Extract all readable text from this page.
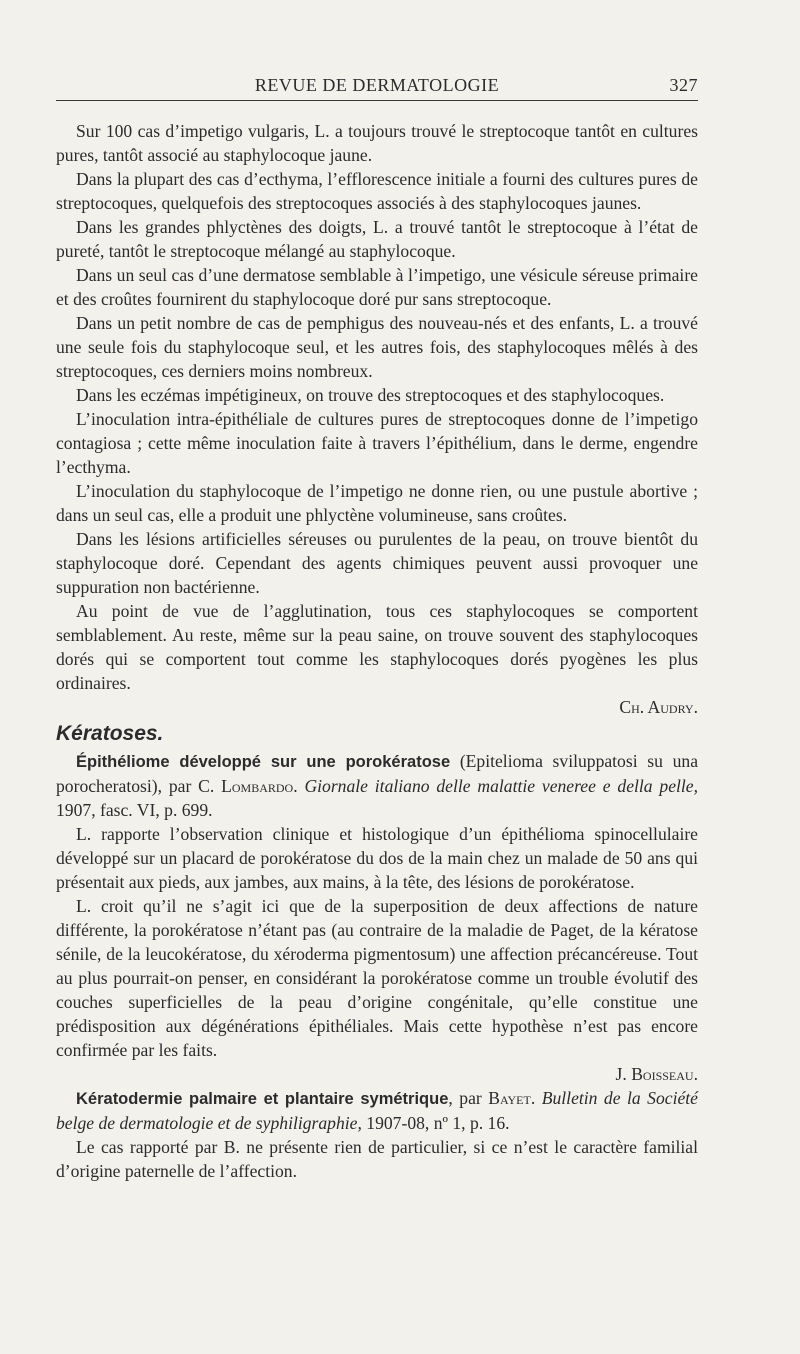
REVUE DE DERMATOLOGIE	327

Sur 100 cas d’impetigo vulgaris, L. a toujours trouvé le streptocoque tantôt en cultures pures, tantôt associé au staphylocoque jaune.

Dans la plupart des cas d’ecthyma, l’efflorescence initiale a fourni des cultures pures de streptocoques, quelquefois des streptocoques associés à des staphylocoques jaunes.

Dans les grandes phlyctènes des doigts, L. a trouvé tantôt le streptocoque à l’état de pureté, tantôt le streptocoque mélangé au staphylocoque.

Dans un seul cas d’une dermatose semblable à l’impetigo, une vésicule séreuse primaire et des croûtes fournirent du staphylocoque doré pur sans streptocoque.

Dans un petit nombre de cas de pemphigus des nouveau-nés et des enfants, L. a trouvé une seule fois du staphylocoque seul, et les autres fois, des staphylocoques mêlés à des streptocoques, ces derniers moins nombreux.

Dans les eczémas impétigineux, on trouve des streptocoques et des staphylocoques.

L’inoculation intra-épithéliale de cultures pures de streptocoques donne de l’impetigo contagiosa ; cette même inoculation faite à travers l’épithélium, dans le derme, engendre l’ecthyma.

L’inoculation du staphylocoque de l’impetigo ne donne rien, ou une pustule abortive ; dans un seul cas, elle a produit une phlyctène volumineuse, sans croûtes.

Dans les lésions artificielles séreuses ou purulentes de la peau, on trouve bientôt du staphylocoque doré. Cependant des agents chimiques peuvent aussi provoquer une suppuration non bactérienne.

Au point de vue de l’agglutination, tous ces staphylocoques se comportent semblablement. Au reste, même sur la peau saine, on trouve souvent des staphylocoques dorés qui se comportent tout comme les staphylocoques dorés pyogènes les plus ordinaires.

Ch. Audry.
Kératoses.

Épithéliome développé sur une porokératose (Epitelioma sviluppatosi su una porocheratosi), par C. Lombardo. Giornale italiano delle malattie veneree e della pelle, 1907, fasc. VI, p. 699.

L. rapporte l’observation clinique et histologique d’un épithélioma spinocellulaire développé sur un placard de porokératose du dos de la main chez un malade de 50 ans qui présentait aux pieds, aux jambes, aux mains, à la tête, des lésions de porokératose.

L. croit qu’il ne s’agit ici que de la superposition de deux affections de nature différente, la porokératose n’étant pas (au contraire de la maladie de Paget, de la kératose sénile, de la leucokératose, du xéroderma pigmentosum) une affection précancéreuse. Tout au plus pourrait-on penser, en considérant la porokératose comme un trouble évolutif des couches superficielles de la peau d’origine congénitale, qu’elle constitue une prédisposition aux dégénérations épithéliales. Mais cette hypothèse n’est pas encore confirmée par les faits.

J. Boisseau.

Kératodermie palmaire et plantaire symétrique, par Bayet. Bulletin de la Société belge de dermatologie et de syphiligraphie, 1907-08, nº 1, p. 16.

Le cas rapporté par B. ne présente rien de particulier, si ce n’est le caractère familial d’origine paternelle de l’affection.
